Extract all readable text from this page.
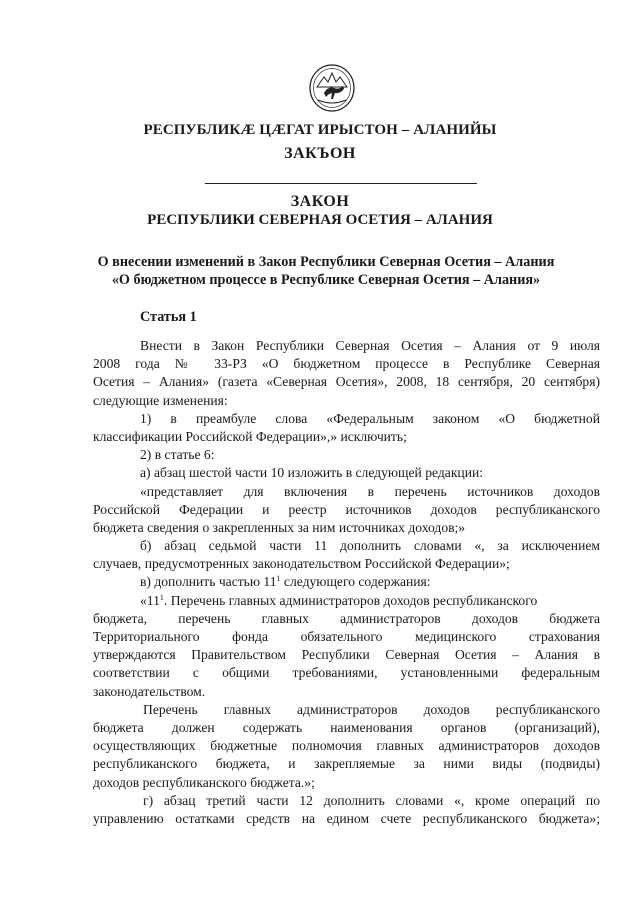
РЕСПУБЛИКÆ ЦÆГАТ ИРЫСТОН – АЛАНИЙЫ
ЗАКЪОН
ЗАКОН
РЕСПУБЛИКИ СЕВЕРНАЯ ОСЕТИЯ – АЛАНИЯ
О внесении изменений в Закон Республики Северная Осетия – Алания
«О бюджетном процессе в Республике Северная Осетия – Алания»
Статья 1
Внести в Закон Республики Северная Осетия – Алания от 9 июля
2008 года № 33-РЗ «О бюджетном процессе в Республике Северная
Осетия – Алания» (газета «Северная Осетия», 2008, 18 сентября, 20 сентября)
следующие изменения:
1) в преамбуле слова «Федеральным законом «О бюджетной
классификации Российской Федерации»,» исключить;
2) в статье 6:
а) абзац шестой части 10 изложить в следующей редакции:
«представляет для включения в перечень источников доходов
Российской Федерации и реестр источников доходов республиканского
бюджета сведения о закрепленных за ним источниках доходов;»
б) абзац седьмой части 11 дополнить словами «, за исключением
случаев, предусмотренных законодательством Российской Федерации»;
в) дополнить частью $11^1$ следующего содержания:
«$11^1$. Перечень главных администраторов доходов республиканского
бюджета, перечень главных администраторов доходов бюджета
Территориального фонда обязательного медицинского страхования
утверждаются Правительством Республики Северная Осетия – Алания в
соответствии с общими требованиями, установленными федеральным
законодательством.
Перечень главных администраторов доходов республиканского
бюджета должен содержать наименования органов (организаций),
осуществляющих бюджетные полномочия главных администраторов доходов
республиканского бюджета, и закрепляемые за ними виды (подвиды)
доходов республиканского бюджета.»;
г) абзац третий части 12 дополнить словами «, кроме операций по
управлению остатками средств на едином счете республиканского бюджета»;
